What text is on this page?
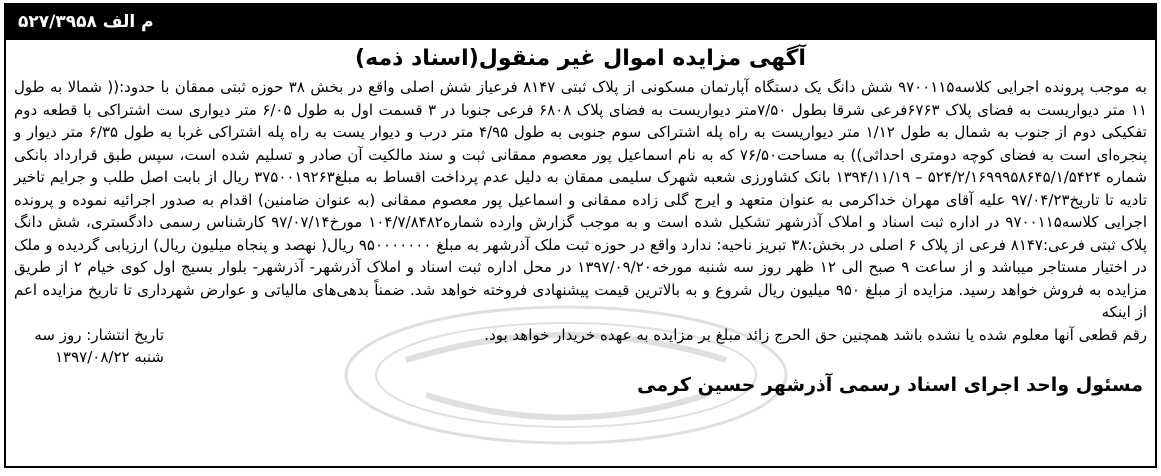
م الف ۵۲۷/۳۹۵۸
آگهی مزایده اموال غیر منقول(اسناد ذمه)

به موجب پرونده اجرایی کلاسه۹۷۰۰۱۱۵ شش دانگ یک دستگاه آپارتمان مسکونی از پلاک ثبتی ۸۱۴۷ فرعیاز شش اصلی واقع در بخش ۳۸ حوزه ثبتی ممقان با حدود:(( شمالا به طول ۱۱ متر دیواریست به فضای پلاک ۶۷۶۳فرعی شرقا بطول ۷/۵۰متر دیواریست به فضای پلاک ۶۸۰۸ فرعی جنوبا در ۳ قسمت اول به طول ۶/۰۵ متر دیواری ست اشتراکی با قطعه دوم تفکیکی دوم از جنوب به شمال به طول ۱/۱۲ متر دیواریست به راه پله اشتراکی سوم جنوبی به طول ۴/۹۵ متر درب و دیوار یست به راه پله اشتراکی غربا به طول ۶/۳۵ متر دیوار و پنجره‌ای است به فضای کوچه دومتری احداثی)) به مساحت۷۶/۵۰ که به نام اسماعیل پور معصوم ممقانی ثبت و سند مالکیت آن صادر و تسلیم شده است، سپس طبق قرارداد بانکی شماره ۵۲۴/۲/۱۶۹۹۹۵۸۶۴۵/۱/۵۴۲۴ – ۱۳۹۴/۱۱/۱۹ بانک کشاورزی شعبه شهرک سلیمی ممقان به دلیل عدم پرداخت اقساط به مبلغ۳۷۵۰۰۱۹۲۶۳ ریال از بابت اصل طلب و جرایم تاخیر تادیه تا تاریخ۹۷/۰۴/۲۳ علیه آقای مهران خداکرمی به عنوان متعهد و ایرج گلی زاده ممقانی و اسماعیل پور معصوم ممقانی (به عنوان ضامنین) اقدام به صدور اجرائیه نموده و پرونده اجرایی کلاسه۹۷۰۰۱۱۵ در اداره ثبت اسناد و املاک آذرشهر تشکیل شده است و به موجب گزارش وارده شماره۱۰۴/۷/۸۴۸۲ مورخ۹۷/۰۷/۱۴ کارشناس رسمی دادگستری، شش دانگ پلاک ثبتی فرعی:۸۱۴۷ فرعی از پلاک ۶ اصلی در بخش:۳۸ تبریز ناحیه: ندارد واقع در حوزه ثبت ملک آذرشهر به مبلغ ۹۵۰۰۰۰۰۰۰ ریال( نهصد و پنجاه میلیون ریال) ارزیابی گردیده و ملک در اختیار مستاجر میباشد و از ساعت ۹ صبح الی ۱۲ ظهر روز سه شنبه مورخه۱۳۹۷/۰۹/۲۰ در محل اداره ثبت اسناد و املاک آذرشهر- آذرشهر- بلوار بسیج اول کوی خیام ۲ از طریق مزایده به فروش خواهد رسید. مزایده از مبلغ ۹۵۰ میلیون ریال شروع و به بالاترین قیمت پیشنهادی فروخته خواهد شد. ضمناً بدهی‌های مالیاتی و عوارض شهرداری تا تاریخ مزایده اعم از اینکه

رقم قطعی آنها معلوم شده یا نشده باشد همچنین حق الحرج زائد مبلغ بر مزایده به عهده خریدار خواهد بود.
تاریخ انتشار: روز سه شنبه ۱۳۹۷/۰۸/۲۲
مسئول واحد اجرای اسناد رسمی آذرشهر حسین کرمی
